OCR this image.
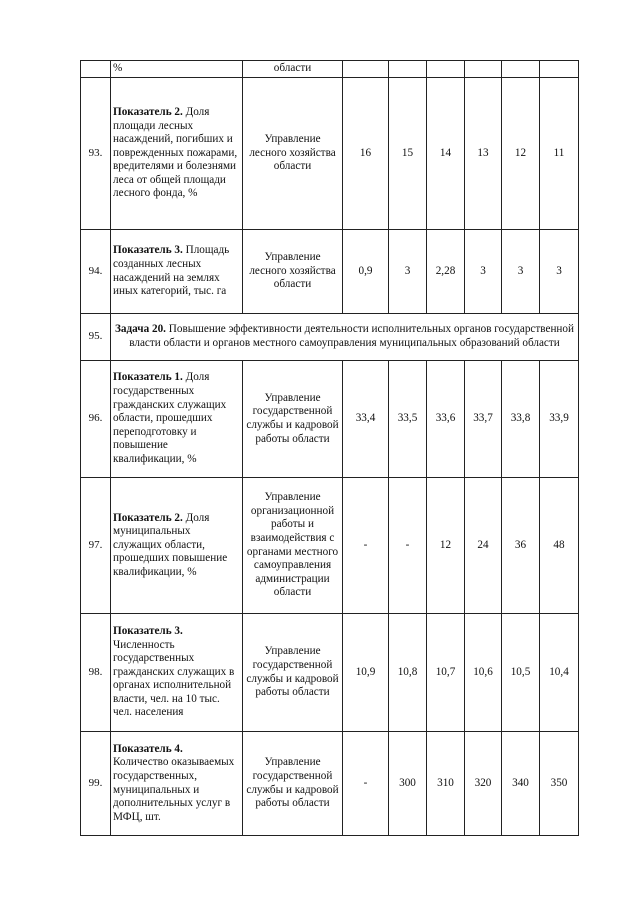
	%	области						
93.	Показатель 2. Доля площади лесных насаждений, погибших и поврежденных пожарами, вредителями и болезнями леса от общей площади лесного фонда, %	Управление лесного хозяйства области	16	15	14	13	12	11
94.	Показатель 3. Площадь созданных лесных насаждений на землях иных категорий, тыс. га	Управление лесного хозяйства области	0,9	3	2,28	3	3	3
95.	Задача 20. Повышение эффективности деятельности исполнительных органов государственной власти области и органов местного самоуправления муниципальных образований области							
96.	Показатель 1. Доля государственных гражданских служащих области, прошедших переподготовку и повышение квалификации, %	Управление государственной службы и кадровой работы области	33,4	33,5	33,6	33,7	33,8	33,9
97.	Показатель 2. Доля муниципальных служащих области, прошедших повышение квалификации, %	Управление организационной работы и взаимодействия с органами местного самоуправления администрации области	-	-	12	24	36	48
98.	Показатель 3. Численность государственных гражданских служащих в органах исполнительной власти, чел. на 10 тыс. чел. населения	Управление государственной службы и кадровой работы области	10,9	10,8	10,7	10,6	10,5	10,4
99.	Показатель 4. Количество оказываемых государственных, муниципальных и дополнительных услуг в МФЦ, шт.	Управление государственной службы и кадровой работы области	-	300	310	320	340	350
